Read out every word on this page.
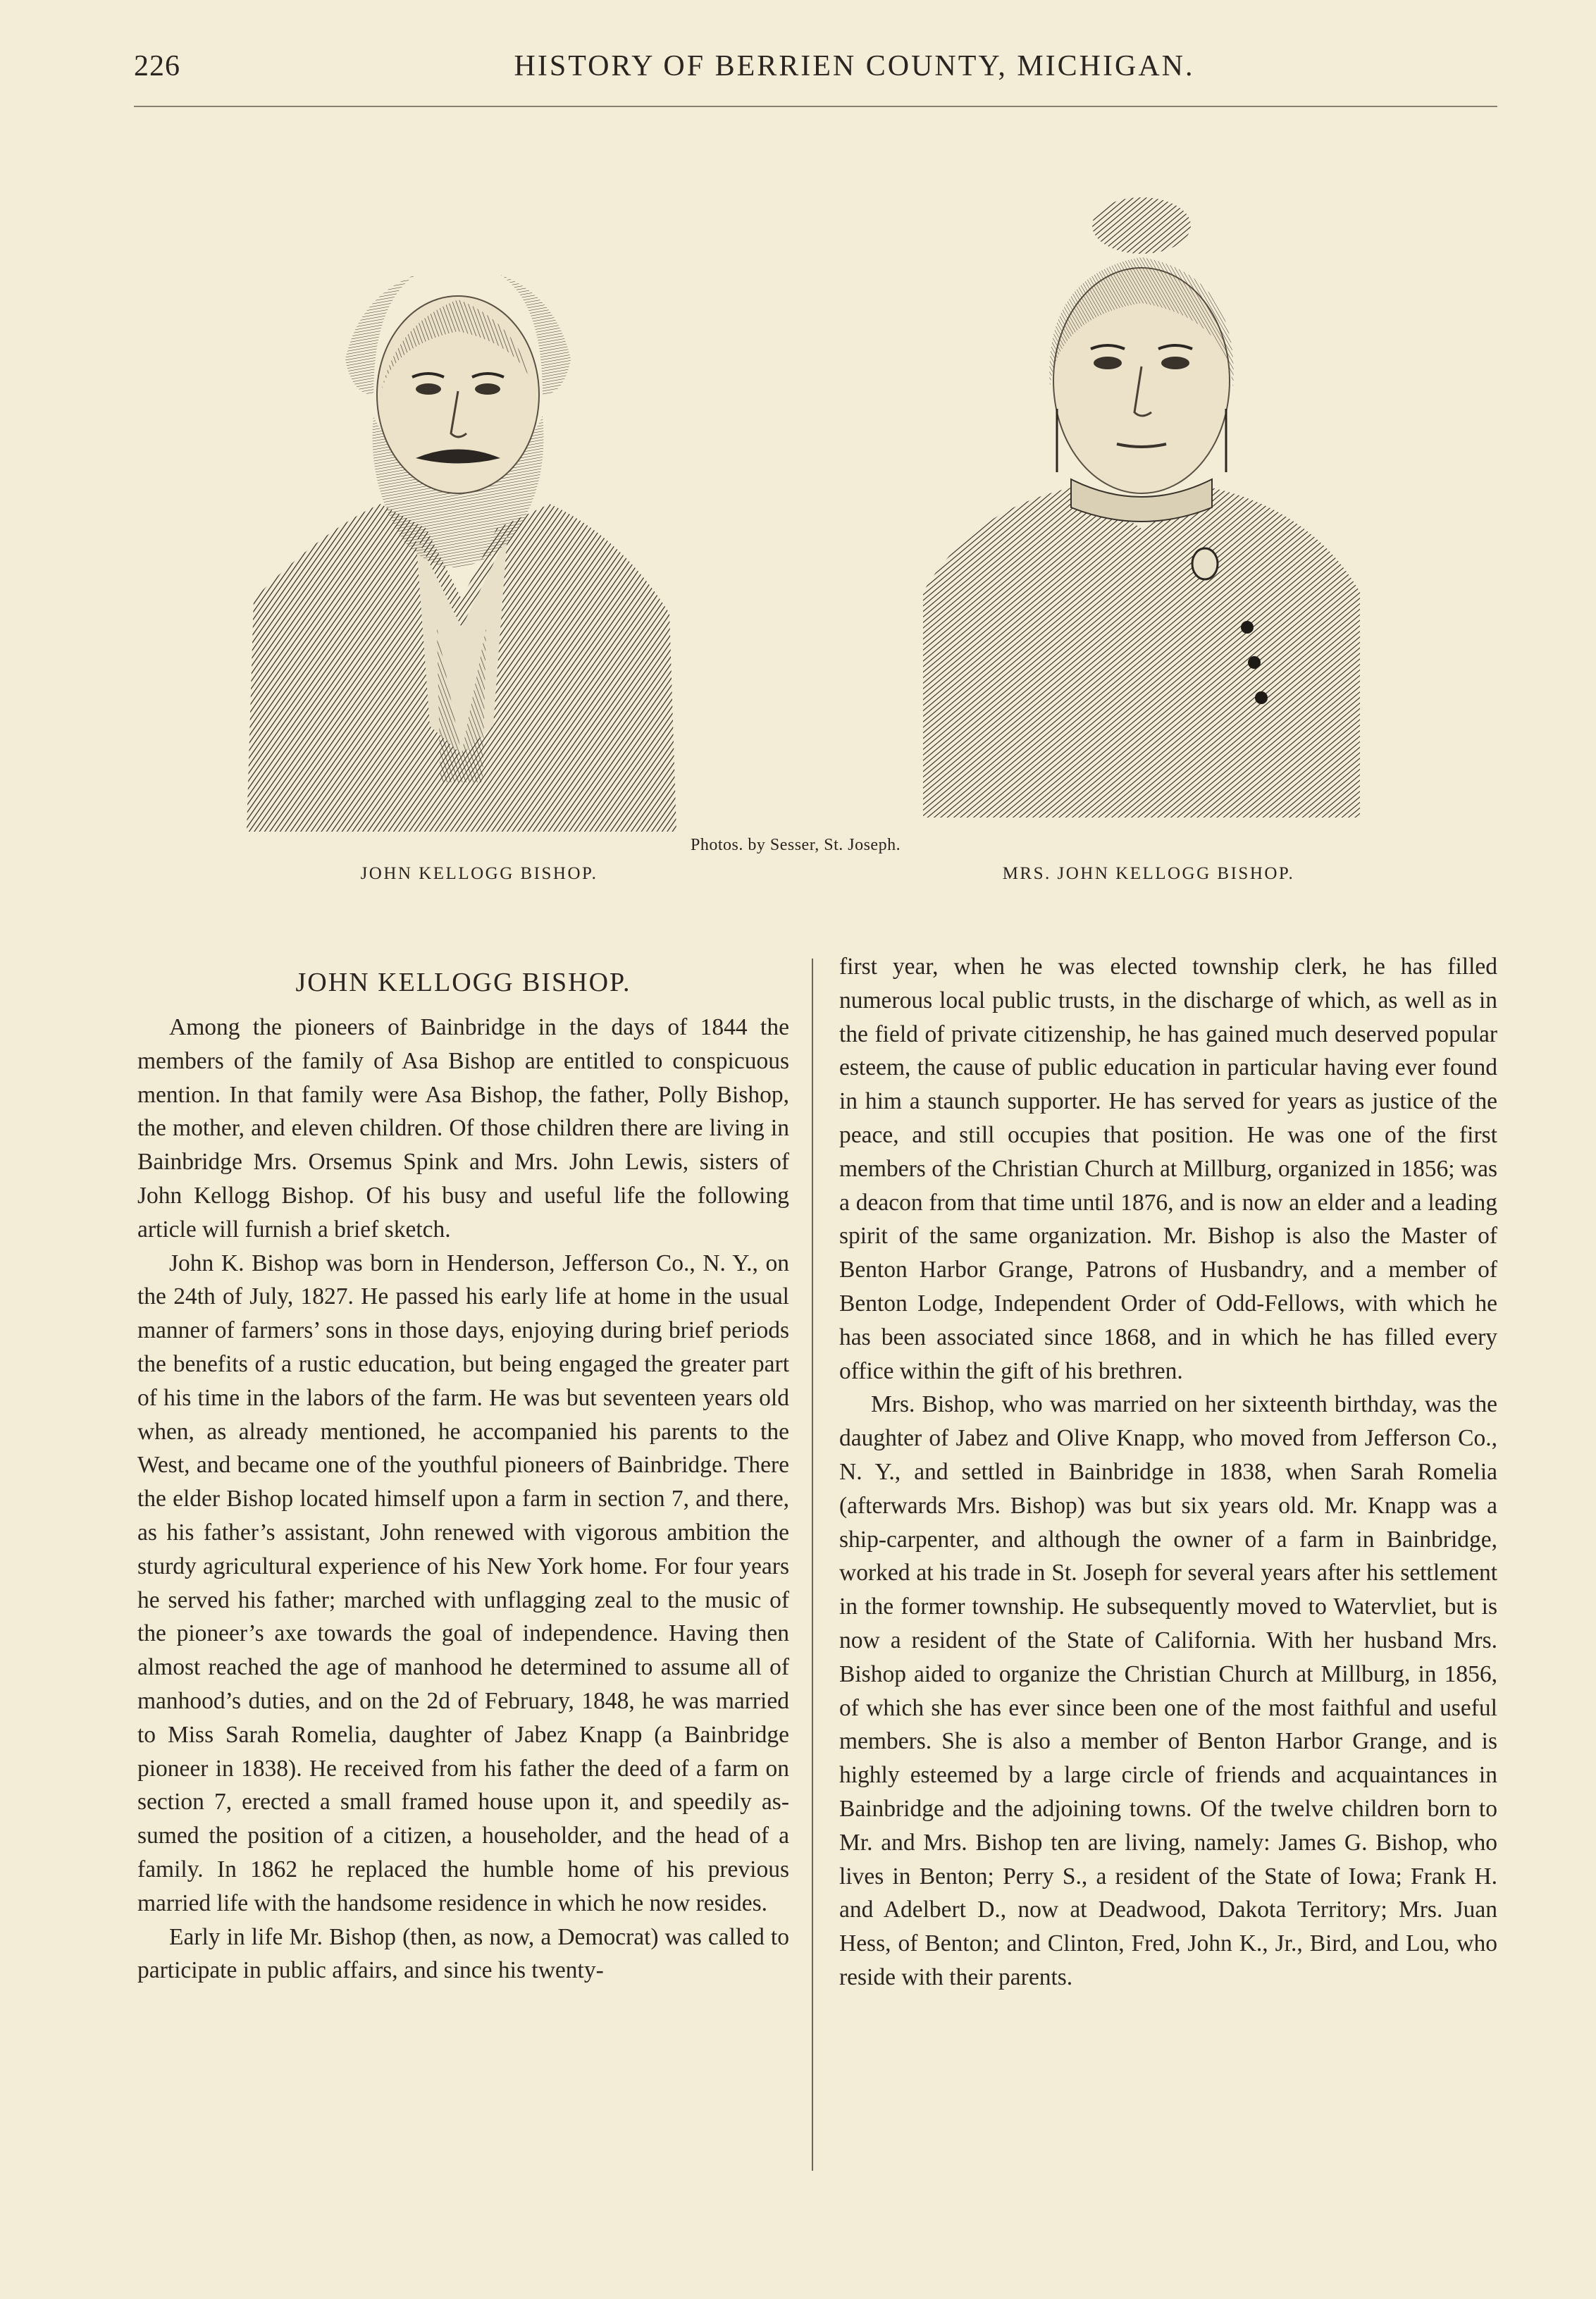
226	HISTORY OF BERRIEN COUNTY, MICHIGAN.
Photos. by Sesser, St. Joseph.
JOHN KELLOGG BISHOP.	MRS. JOHN KELLOGG BISHOP.
JOHN KELLOGG BISHOP.

Among the pioneers of Bainbridge in the days of 1844 the members of the family of Asa Bishop are entitled to conspicuous mention. In that family were Asa Bishop, the father, Polly Bishop, the mother, and eleven children. Of those children there are living in Bainbridge Mrs. Orsemus Spink and Mrs. John Lewis, sisters of John Kellogg Bishop. Of his busy and useful life the following article will furnish a brief sketch.

John K. Bishop was born in Henderson, Jefferson Co., N. Y., on the 24th of July, 1827. He passed his early life at home in the usual manner of farmers’ sons in those days, enjoying during brief periods the benefits of a rustic education, but being engaged the greater part of his time in the labors of the farm. He was but seventeen years old when, as already mentioned, he accompanied his parents to the West, and became one of the youthful pioneers of Bainbridge. There the elder Bishop located himself upon a farm in section 7, and there, as his father’s assistant, John renewed with vigorous ambition the sturdy agricultural experience of his New York home. For four years he served his father; marched with unflagging zeal to the music of the pioneer’s axe towards the goal of independence. Having then almost reached the age of manhood he determined to assume all of manhood’s duties, and on the 2d of February, 1848, he was married to Miss Sarah Romelia, daughter of Jabez Knapp (a Bainbridge pioneer in 1838). He received from his father the deed of a farm on section 7, erected a small framed house upon it, and speedily assumed the position of a citizen, a householder, and the head of a family. In 1862 he replaced the humble home of his previous married life with the handsome residence in which he now resides.

Early in life Mr. Bishop (then, as now, a Democrat) was called to participate in public affairs, and since his twenty-

first year, when he was elected township clerk, he has filled numerous local public trusts, in the discharge of which, as well as in the field of private citizenship, he has gained much deserved popular esteem, the cause of public education in particular having ever found in him a staunch supporter. He has served for years as justice of the peace, and still occupies that position. He was one of the first members of the Christian Church at Millburg, organized in 1856; was a deacon from that time until 1876, and is now an elder and a leading spirit of the same organization. Mr. Bishop is also the Master of Benton Harbor Grange, Patrons of Husbandry, and a member of Benton Lodge, Independent Order of Odd-Fellows, with which he has been associated since 1868, and in which he has filled every office within the gift of his brethren.

Mrs. Bishop, who was married on her sixteenth birthday, was the daughter of Jabez and Olive Knapp, who moved from Jefferson Co., N. Y., and settled in Bainbridge in 1838, when Sarah Romelia (afterwards Mrs. Bishop) was but six years old. Mr. Knapp was a ship-carpenter, and although the owner of a farm in Bainbridge, worked at his trade in St. Joseph for several years after his settlement in the former township. He subsequently moved to Watervliet, but is now a resident of the State of California. With her husband Mrs. Bishop aided to organize the Christian Church at Millburg, in 1856, of which she has ever since been one of the most faithful and useful members. She is also a member of Benton Harbor Grange, and is highly esteemed by a large circle of friends and acquaintances in Bainbridge and the adjoining towns. Of the twelve children born to Mr. and Mrs. Bishop ten are living, namely: James G. Bishop, who lives in Benton; Perry S., a resident of the State of Iowa; Frank H. and Adelbert D., now at Deadwood, Dakota Territory; Mrs. Juan Hess, of Benton; and Clinton, Fred, John K., Jr., Bird, and Lou, who reside with their parents.
